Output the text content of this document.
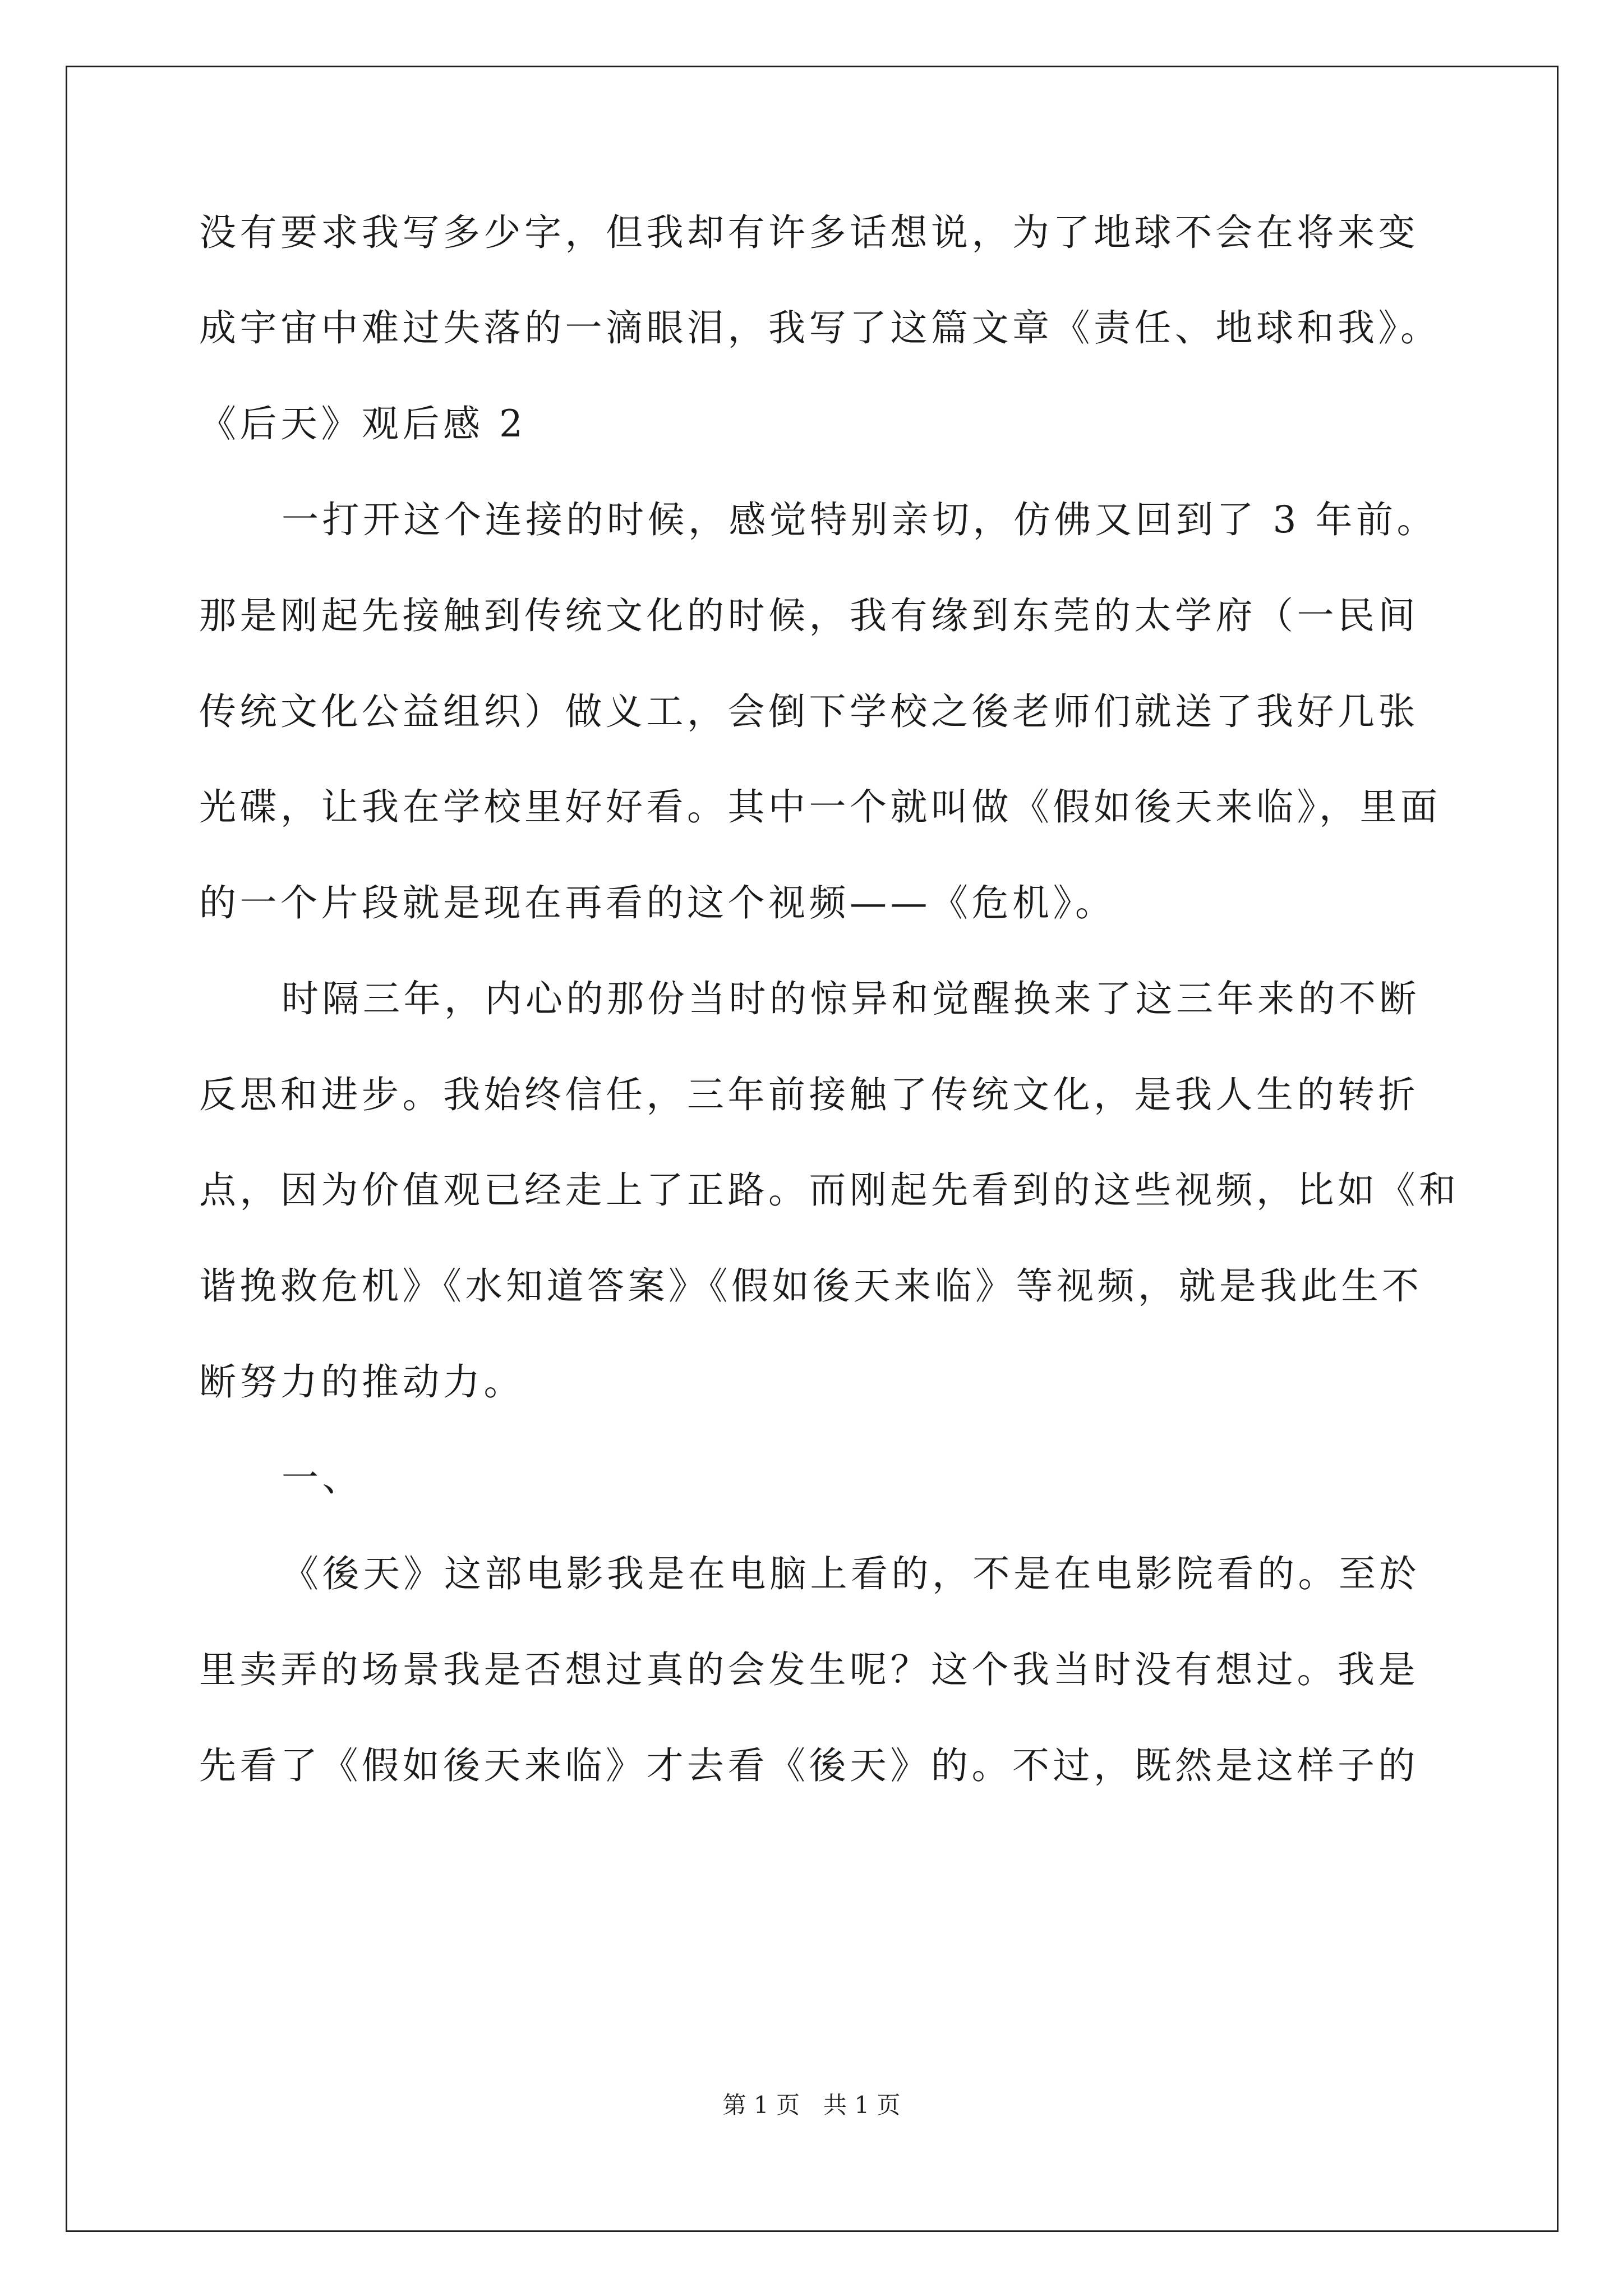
没有要求我写多少字，但我却有许多话想说，为了地球不会在将来变
成宇宙中难过失落的一滴眼泪，我写了这篇文章《责任、地球和我》。
《后天》观后感 2
一打开这个连接的时候，感觉特别亲切，仿佛又回到了 3 年前。
那是刚起先接触到传统文化的时候，我有缘到东莞的太学府（一民间
传统文化公益组织）做义工，会倒下学校之後老师们就送了我好几张
光碟，让我在学校里好好看。其中一个就叫做《假如後天来临》，里面
的一个片段就是现在再看的这个视频——《危机》。
时隔三年，内心的那份当时的惊异和觉醒换来了这三年来的不断
反思和进步。我始终信任，三年前接触了传统文化，是我人生的转折
点，因为价值观已经走上了正路。而刚起先看到的这些视频，比如《和
谐挽救危机》《水知道答案》《假如後天来临》等视频，就是我此生不
断努力的推动力。
一、
《後天》这部电影我是在电脑上看的，不是在电影院看的。至於
里卖弄的场景我是否想过真的会发生呢？这个我当时没有想过。我是
先看了《假如後天来临》才去看《後天》的。不过，既然是这样子的
第 1 页　共 1 页
